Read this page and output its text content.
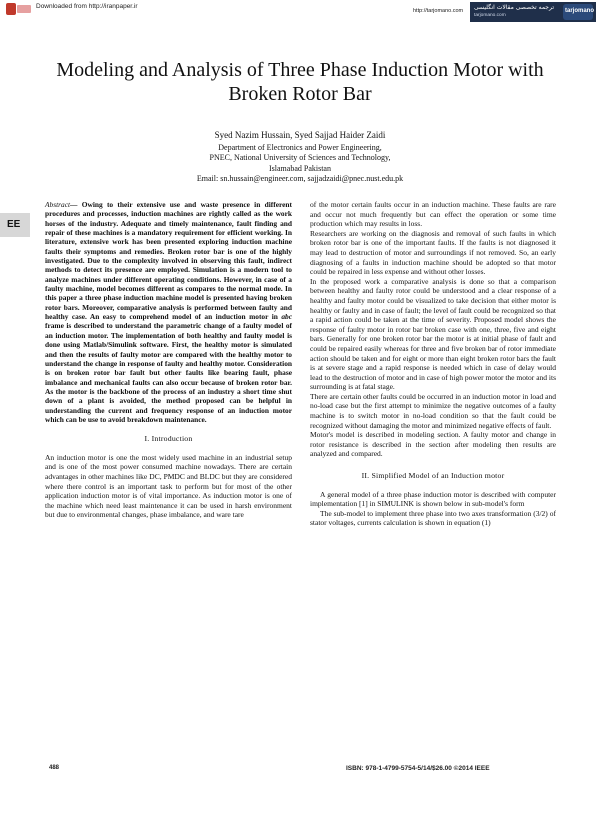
Downloaded from http://iranpaper.ir
http://tarjomano.com ترجمه تخصصی مقالات انگلیسی
tarjomano.com
tarjomano
EE
Modeling and Analysis of Three Phase Induction Motor with Broken Rotor Bar
Syed Nazim Hussain, Syed Sajjad Haider Zaidi
Department of Electronics and Power Engineering,
PNEC, National University of Sciences and Technology,
Islamabad Pakistan
Email: sn.hussain@engineer.com, sajjadzaidi@pnec.nust.edu.pk

Abstract— Owing to their extensive use and waste presence in different procedures and processes, induction machines are rightly called as the work horses of the industry. Adequate and timely maintenance, fault finding and repair of these machines is a mandatory requirement for efficient working. In literature, extensive work has been presented exploring induction machine faults their symptoms and remedies. Broken rotor bar is one of the highly investigated. Due to the complexity involved in observing this fault, indirect methods to detect its presence are employed. Simulation is a modern tool to analyze machines under different operating conditions. However, in case of a faulty machine, model becomes different as compares to the normal mode. In this paper a three phase induction machine model is presented having broken rotor bars. Moreover, comparative analysis is performed between faulty and healthy case. An easy to comprehend model of an induction motor in abc frame is described to understand the parametric change of a faulty model of an induction motor. The implementation of both healthy and faulty model is done using Matlab/Simulink software. First, the healthy motor is simulated and then the results of faulty motor are compared with the healthy motor to understand the change in response of faulty and healthy motor. Consideration is on broken rotor bar fault but other faults like bearing fault, phase imbalance and mechanical faults can also occur because of broken rotor bar. As the motor is the backbone of the process of an industry a short time shut down of a plant is avoided, the method proposed can be helpful in understanding the current and frequency response of an induction motor which can be use to avoid breakdown maintenance.

I. Introduction

An induction motor is one the most widely used machine in an industrial setup and is one of the most power consumed machine nowadays. There are certain advantages in other machines like DC, PMDC and BLDC but they are considered where there control is an important task to perform but for most of the other application induction motor is of vital importance. As induction motor is one of the machine which need least maintenance it can be used in harsh environment but due to environmental changes, phase imbalance, and ware tare

of the motor certain faults occur in an induction machine. These faults are rare and occur not much frequently but can effect the operation or some time production which may results in loss.

Researchers are working on the diagnosis and removal of such faults in which broken rotor bar is one of the important faults. If the faults is not diagnosed it may lead to destruction of motor and surroundings if not removed. So, an early diagnosing of a faults in induction machine should be adopted so that motor could be repaired in less expense and without other losses.

In the proposed work a comparative analysis is done so that a comparison between healthy and faulty rotor could be understood and a clear response of a healthy and faulty motor could be visualized to take decision that either motor is healthy or faulty and in case of fault; the level of fault could be recognized so that a rapid action could be taken at the time of severity. Proposed model shows the response of faulty motor in rotor bar broken case with one, three, five and eight bars. Generally for one broken rotor bar the motor is at initial phase of fault and could be repaired easily whereas for three and five broken bar of rotor immediate action should be taken and for eight or more than eight broken rotor bars the fault is at severe stage and a rapid response is needed which in case of delay would lead to the destruction of motor and in case of high power motor the motor and its surrounding is at fatal stage.

There are certain other faults could be occurred in an induction motor in load and no-load case but the first attempt to minimize the negative outcomes of a faulty machine is to switch motor in no-load condition so that the fault could be recognized without damaging the motor and minimized negative effects of fault.

Motor's model is described in modeling section. A faulty motor and change in rotor resistance is described in the section after modeling then results are analyzed and compared.

II. Simplified Model of an Induction motor

A general model of a three phase induction motor is described with computer implementation [1] in SIMULINK is shown below in sub-model's form

The sub-model to implement three phase into two axes transformation (3/2) of stator voltages, currents calculation is shown in equation (1)

488	ISBN: 978-1-4799-5754-5/14/$26.00 ©2014 IEEE
